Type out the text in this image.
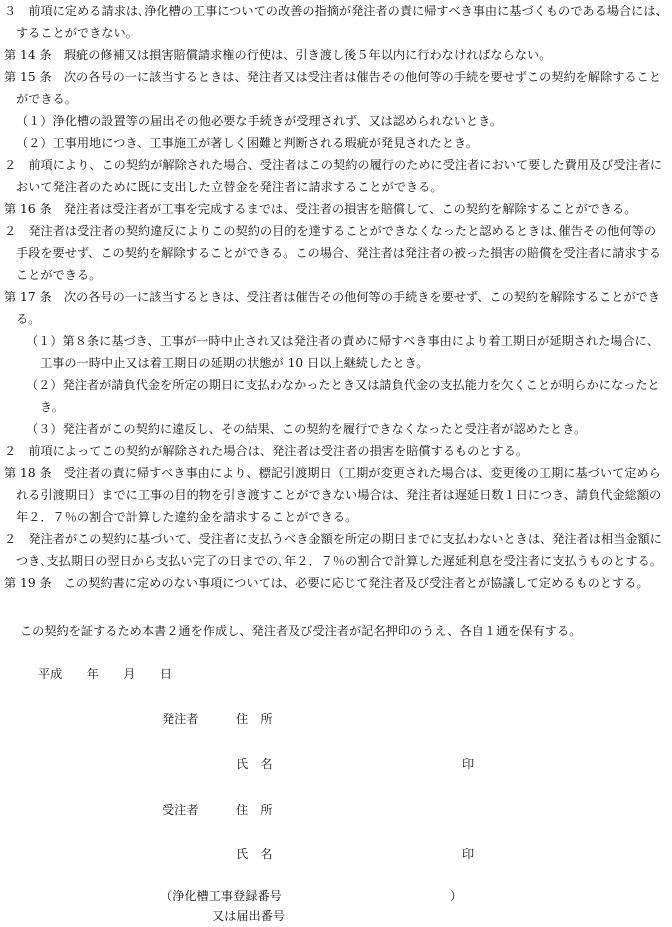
３　前項に定める請求は､浄化槽の工事についての改善の指摘が発注者の責に帰すべき事由に基づくものである場合には、
することができない。
第 14 条　瑕疵の修補又は損害賠償請求権の行使は、引き渡し後５年以内に行わなければならない。
第 15 条　次の各号の一に該当するときは、発注者又は受注者は催告その他何等の手続を要せずこの契約を解除すること
ができる。
（１）浄化槽の設置等の届出その他必要な手続きが受理されず、又は認められないとき。
（２）工事用地につき、工事施工が著しく困難と判断される瑕疵が発見されたとき。
２　前項により、この契約が解除された場合、受注者はこの契約の履行のために受注者において要した費用及び受注者に
おいて発注者のために既に支出した立替金を発注者に請求することができる。
第 16 条　発注者は受注者が工事を完成するまでは、受注者の損害を賠償して、この契約を解除することができる。
２　発注者は受注者の契約違反によりこの契約の目的を達することができなくなったと認めるときは､催告その他何等の
手段を要せず、この契約を解除することができる。この場合、発注者は発注者の被った損害の賠償を受注者に請求する
ことができる。
第 17 条　次の各号の一に該当するときは、受注者は催告その他何等の手続きを要せず、この契約を解除することができ
る。
（１）第８条に基づき、工事が一時中止され又は発注者の責めに帰すべき事由により着工期日が延期された場合に、
工事の一時中止又は着工期日の延期の状態が 10 日以上継続したとき。
（２）発注者が請負代金を所定の期日に支払わなかったとき又は請負代金の支払能力を欠くことが明らかになったと
き。
（３）発注者がこの契約に違反し、その結果、この契約を履行できなくなったと受注者が認めたとき。
２　前項によってこの契約が解除された場合は、発注者は受注者の損害を賠償するものとする。
第 18 条　受注者の責に帰すべき事由により、標記引渡期日（工期が変更された場合は、変更後の工期に基づいて定めら
れる引渡期日）までに工事の目的物を引き渡すことができない場合は、発注者は遅延日数１日につき、請負代金総額の
年２．７％の割合で計算した違約金を請求することができる。
２　発注者がこの契約に基づいて、受注者に支払うべき金額を所定の期日までに支払わないときは、発注者は相当金額に
つき､支払期日の翌日から支払い完了の日までの､年２．７％の割合で計算した遅延利息を受注者に支払うものとする。
第 19 条　この契約書に定めのない事項については、必要に応じて発注者及び受注者とが協議して定めるものとする。
この契約を証するため本書２通を作成し、発注者及び受注者が記名押印のうえ、各自１通を保有する。
平成　　年　　月　　日
発注者	住　所
氏　名	印
受注者	住　所
氏　名	印
（浄化槽工事登録番号	）
又は届出番号
